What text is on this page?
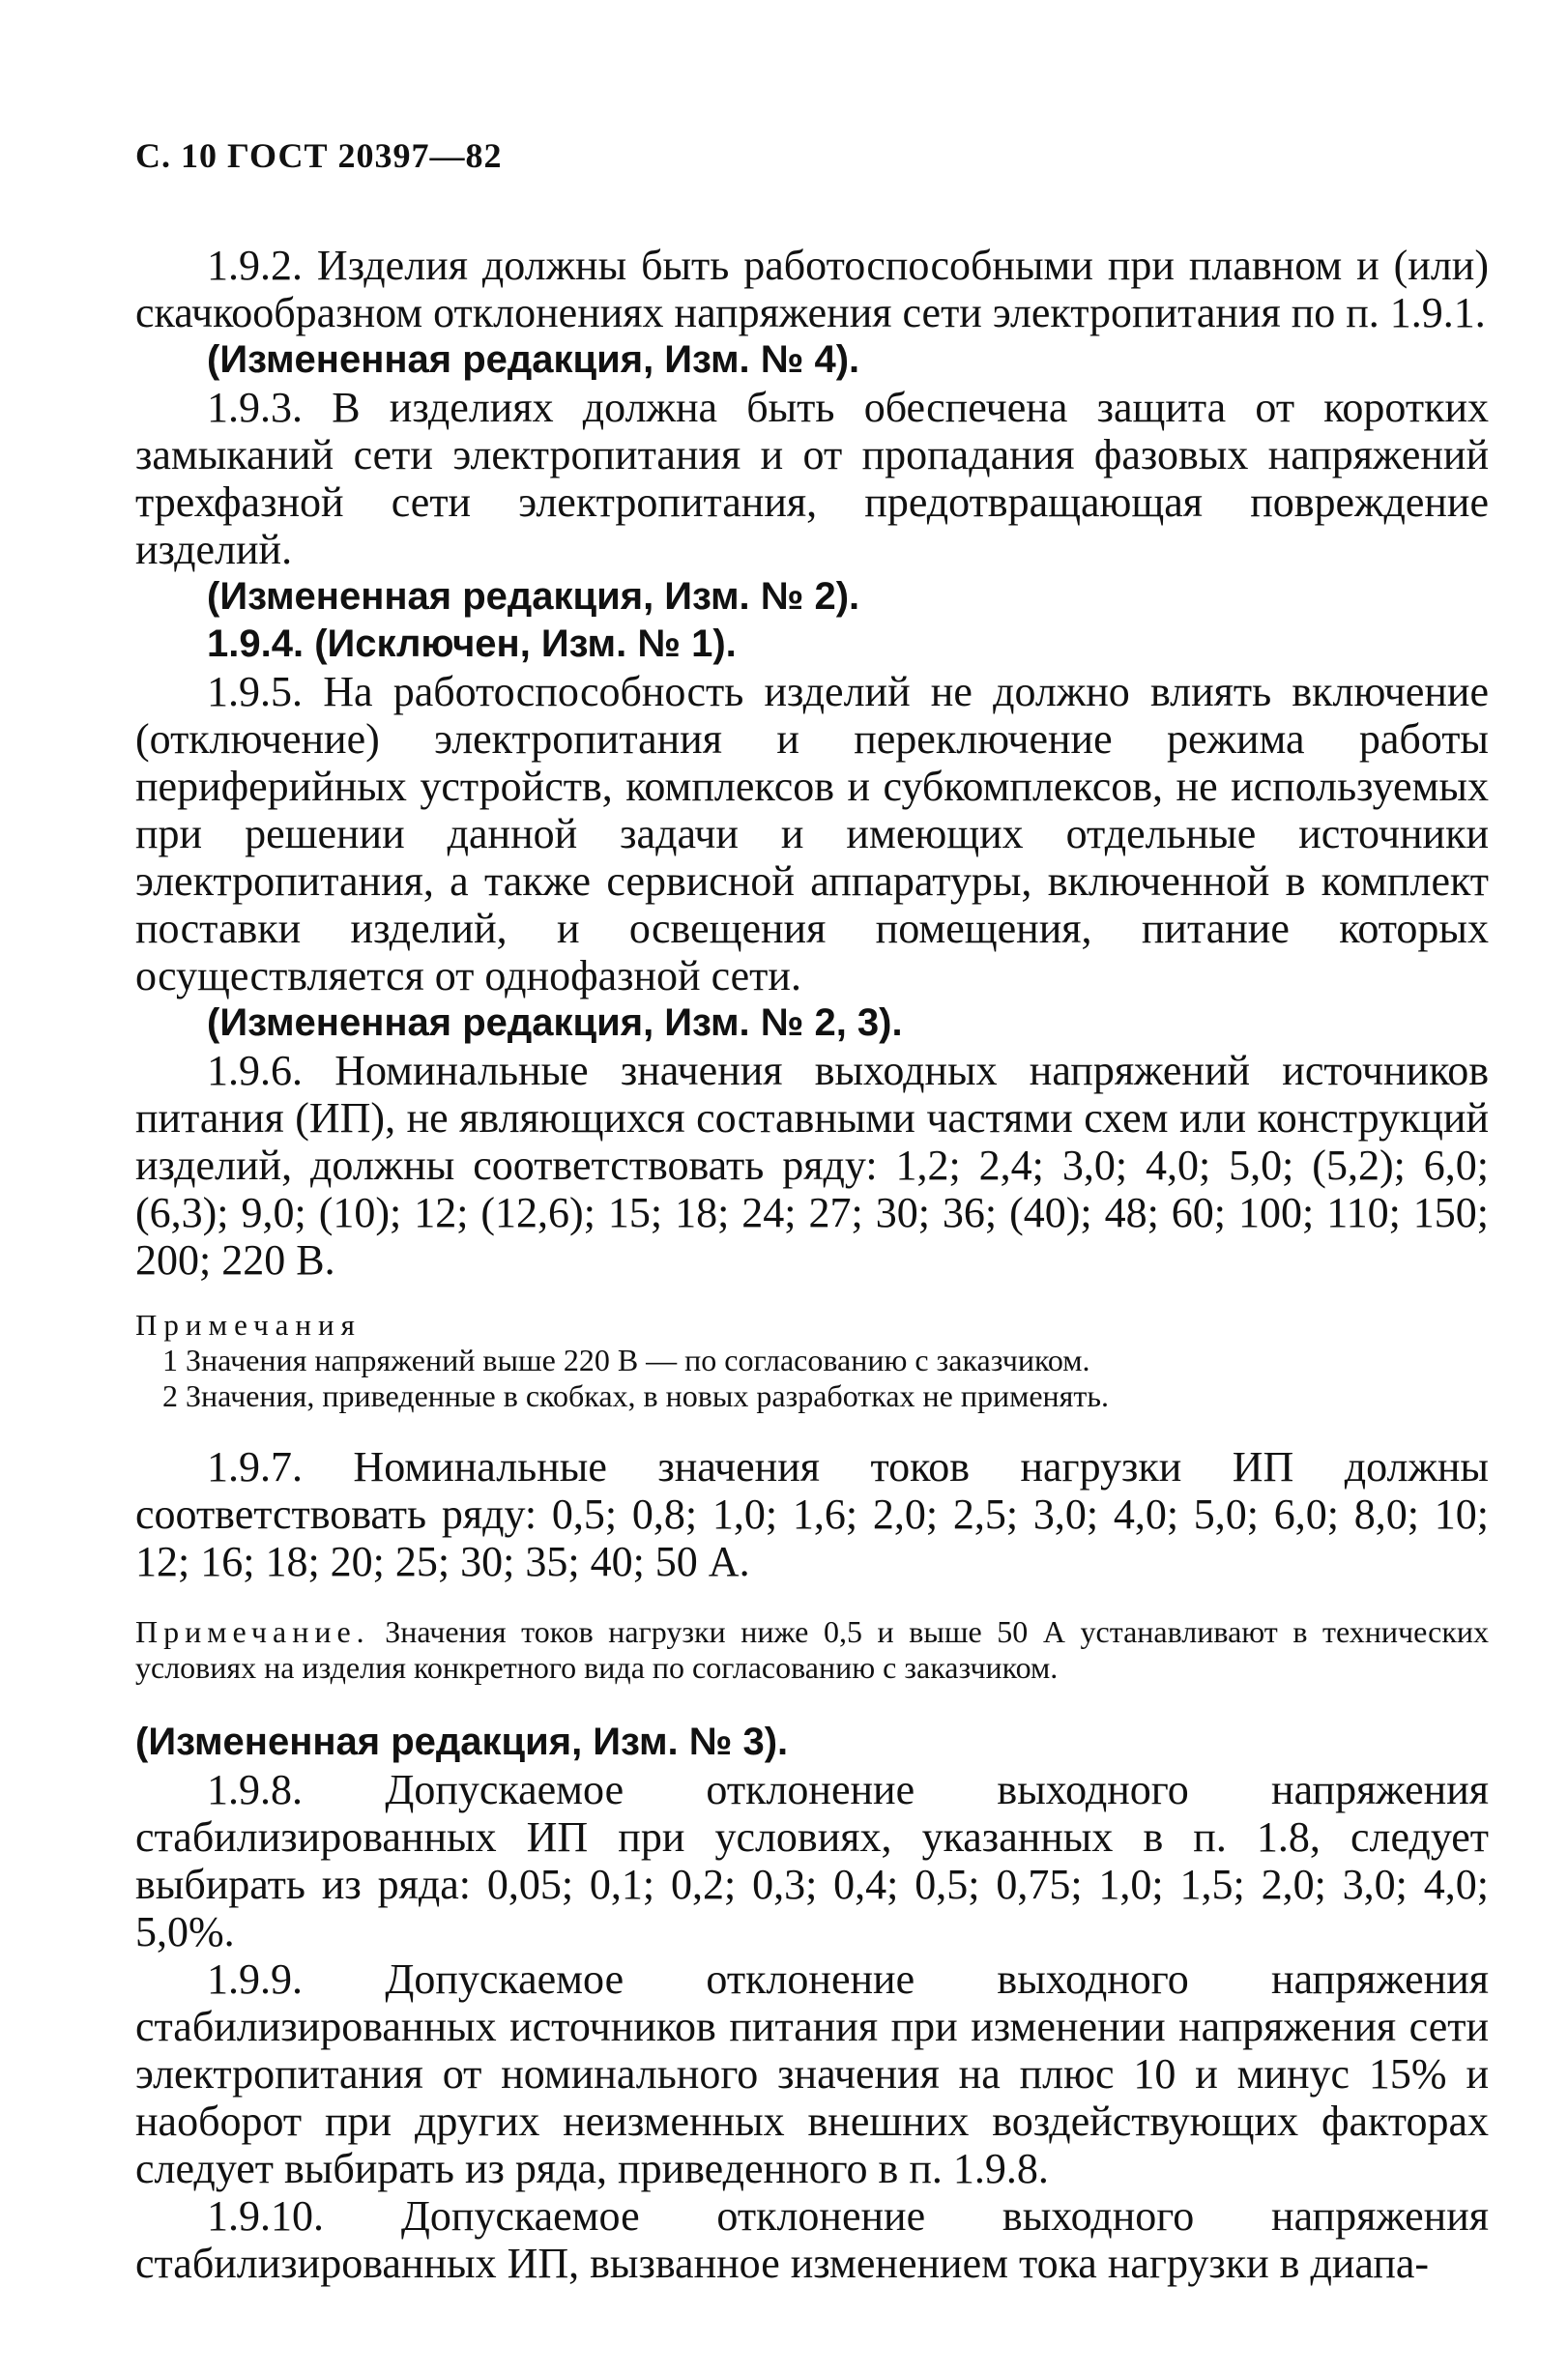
С. 10 ГОСТ 20397—82

1.9.2. Изделия должны быть работоспособными при плавном и (или) скачкообразном отклонениях напряжения сети электропитания по п. 1.9.1.

(Измененная редакция, Изм. № 4).

1.9.3. В изделиях должна быть обеспечена защита от коротких замыканий сети электропитания и от пропадания фазовых напряжений трехфазной сети электропитания, предотвращающая повреждение изделий.

(Измененная редакция, Изм. № 2).

1.9.4. (Исключен, Изм. № 1).

1.9.5. На работоспособность изделий не должно влиять включение (отключение) электропитания и переключение режима работы периферийных устройств, комплексов и субкомплексов, не используемых при решении данной задачи и имеющих отдельные источники электропитания, а также сервисной аппаратуры, включенной в комплект поставки изделий, и освещения помещения, питание которых осуществляется от однофазной сети.

(Измененная редакция, Изм. № 2, 3).

1.9.6. Номинальные значения выходных напряжений источников питания (ИП), не являющихся составными частями схем или конструкций изделий, должны соответствовать ряду: 1,2; 2,4; 3,0; 4,0; 5,0; (5,2); 6,0; (6,3); 9,0; (10); 12; (12,6); 15; 18; 24; 27; 30; 36; (40); 48; 60; 100; 110; 150; 200; 220 В.

Примечания

1 Значения напряжений выше 220 В — по согласованию с заказчиком.

2 Значения, приведенные в скобках, в новых разработках не применять.

1.9.7. Номинальные значения токов нагрузки ИП должны соответствовать ряду: 0,5; 0,8; 1,0; 1,6; 2,0; 2,5; 3,0; 4,0; 5,0; 6,0; 8,0; 10; 12; 16; 18; 20; 25; 30; 35; 40; 50 А.

Примечание. Значения токов нагрузки ниже 0,5 и выше 50 А устанавливают в технических условиях на изделия конкретного вида по согласованию с заказчиком.

(Измененная редакция, Изм. № 3).

1.9.8. Допускаемое отклонение выходного напряжения стабилизированных ИП при условиях, указанных в п. 1.8, следует выбирать из ряда: 0,05; 0,1; 0,2; 0,3; 0,4; 0,5; 0,75; 1,0; 1,5; 2,0; 3,0; 4,0; 5,0%.

1.9.9. Допускаемое отклонение выходного напряжения стабилизированных источников питания при изменении напряжения сети электропитания от номинального значения на плюс 10 и минус 15% и наоборот при других неизменных внешних воздействующих факторах следует выбирать из ряда, приведенного в п. 1.9.8.

1.9.10. Допускаемое отклонение выходного напряжения стабилизированных ИП, вызванное изменением тока нагрузки в диапа-
